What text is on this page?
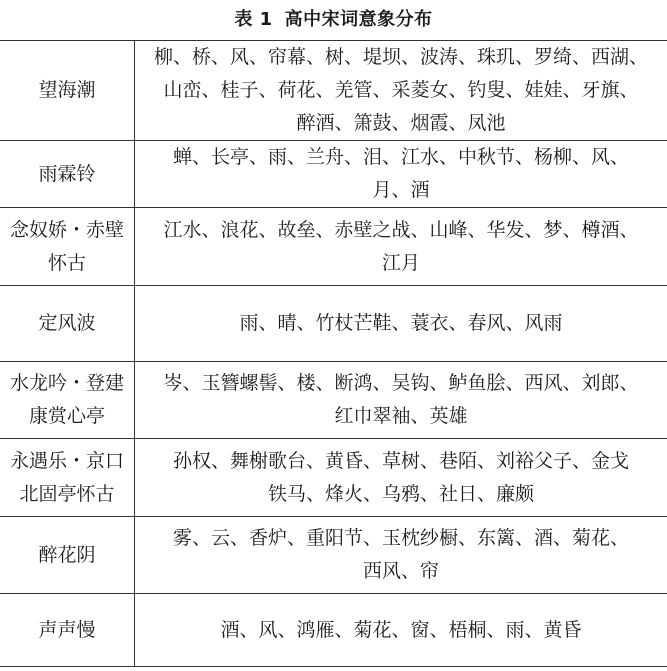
表 1 高中宋词意象分布
望海潮	柳、桥、风、帘幕、树、堤坝、波涛、珠玑、罗绮、西湖、
山峦、桂子、荷花、羌管、采菱女、钓叟、娃娃、牙旗、
醉酒、箫鼓、烟霞、凤池

雨霖铃	蝉、长亭、雨、兰舟、泪、江水、中秋节、杨柳、风、
月、酒

念奴娇・赤壁
怀古	江水、浪花、故垒、赤壁之战、山峰、华发、梦、樽酒、
江月

定风波	雨、晴、竹杖芒鞋、蓑衣、春风、风雨

水龙吟・登建
康赏心亭	岑、玉簪螺髻、楼、断鸿、吴钩、鲈鱼脍、西风、刘郎、
红巾翠袖、英雄

永遇乐・京口
北固亭怀古	孙权、舞榭歌台、黄昏、草树、巷陌、刘裕父子、金戈
铁马、烽火、乌鸦、社日、廉颇

醉花阴	雾、云、香炉、重阳节、玉枕纱橱、东篱、酒、菊花、
西风、帘

声声慢	酒、风、鸿雁、菊花、窗、梧桐、雨、黄昏
